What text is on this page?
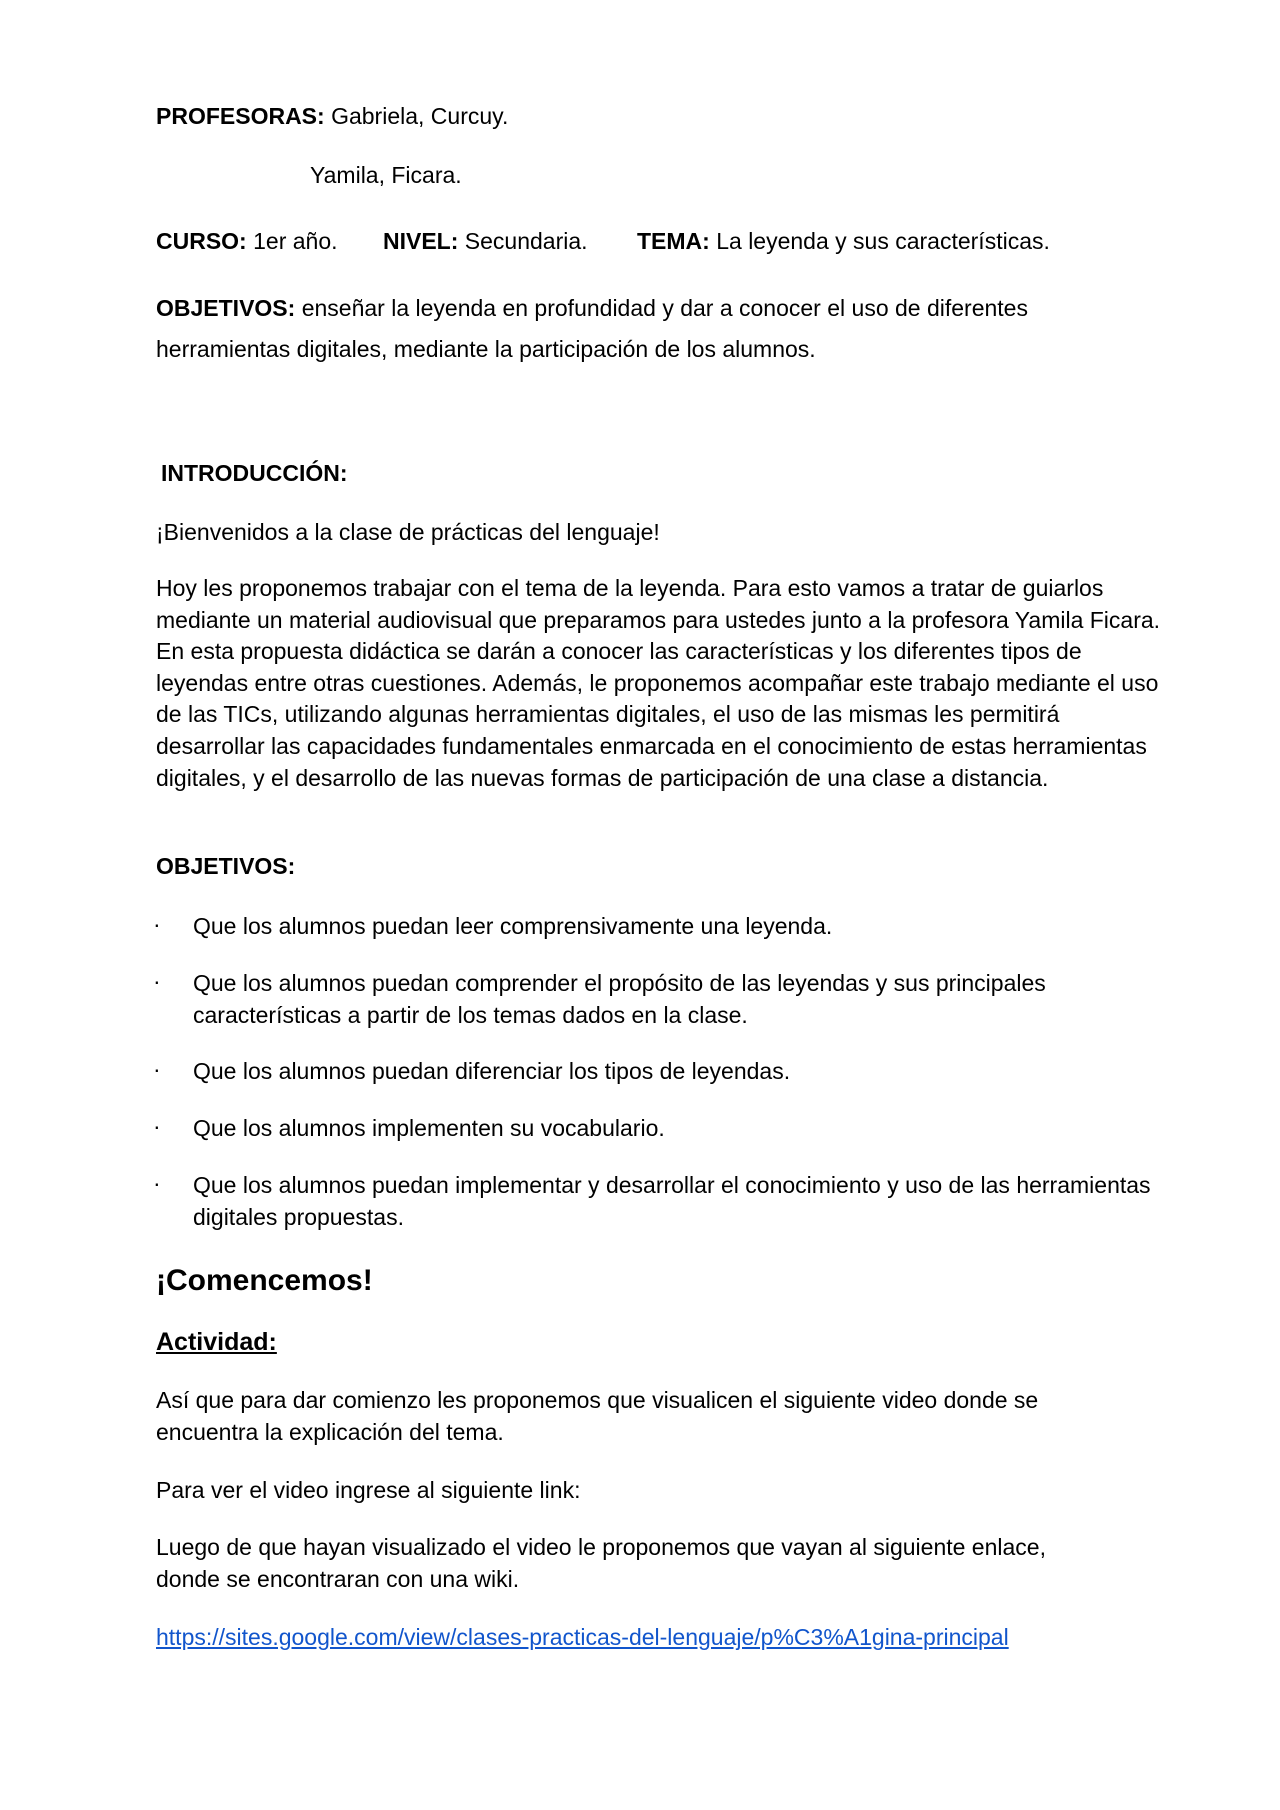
PROFESORAS: Gabriela, Curcuy.
Yamila, Ficara.
CURSO: 1er año. NIVEL: Secundaria. TEMA: La leyenda y sus características.
OBJETIVOS: enseñar la leyenda en profundidad y dar a conocer el uso de diferentes
herramientas digitales, mediante la participación de los alumnos.
INTRODUCCIÓN:
¡Bienvenidos a la clase de prácticas del lenguaje!
Hoy les proponemos trabajar con el tema de la leyenda. Para esto vamos a tratar de guiarlos mediante un material audiovisual que preparamos para ustedes junto a la profesora Yamila Ficara. En esta propuesta didáctica se darán a conocer las características y los diferentes tipos de leyendas entre otras cuestiones. Además, le proponemos acompañar este trabajo mediante el uso de las TICs, utilizando algunas herramientas digitales, el uso de las mismas les permitirá desarrollar las capacidades fundamentales enmarcada en el conocimiento de estas herramientas digitales, y el desarrollo de las nuevas formas de participación de una clase a distancia.
OBJETIVOS:
· Que los alumnos puedan leer comprensivamente una leyenda.
· Que los alumnos puedan comprender el propósito de las leyendas y sus principales características a partir de los temas dados en la clase.
· Que los alumnos puedan diferenciar los tipos de leyendas.
· Que los alumnos implementen su vocabulario.
· Que los alumnos puedan implementar y desarrollar el conocimiento y uso de las herramientas digitales propuestas.
¡Comencemos!
Actividad:
Así que para dar comienzo les proponemos que visualicen el siguiente video donde se encuentra la explicación del tema.
Para ver el video ingrese al siguiente link:
Luego de que hayan visualizado el video le proponemos que vayan al siguiente enlace, donde se encontraran con una wiki.
https://sites.google.com/view/clases-practicas-del-lenguaje/p%C3%A1gina-principal
